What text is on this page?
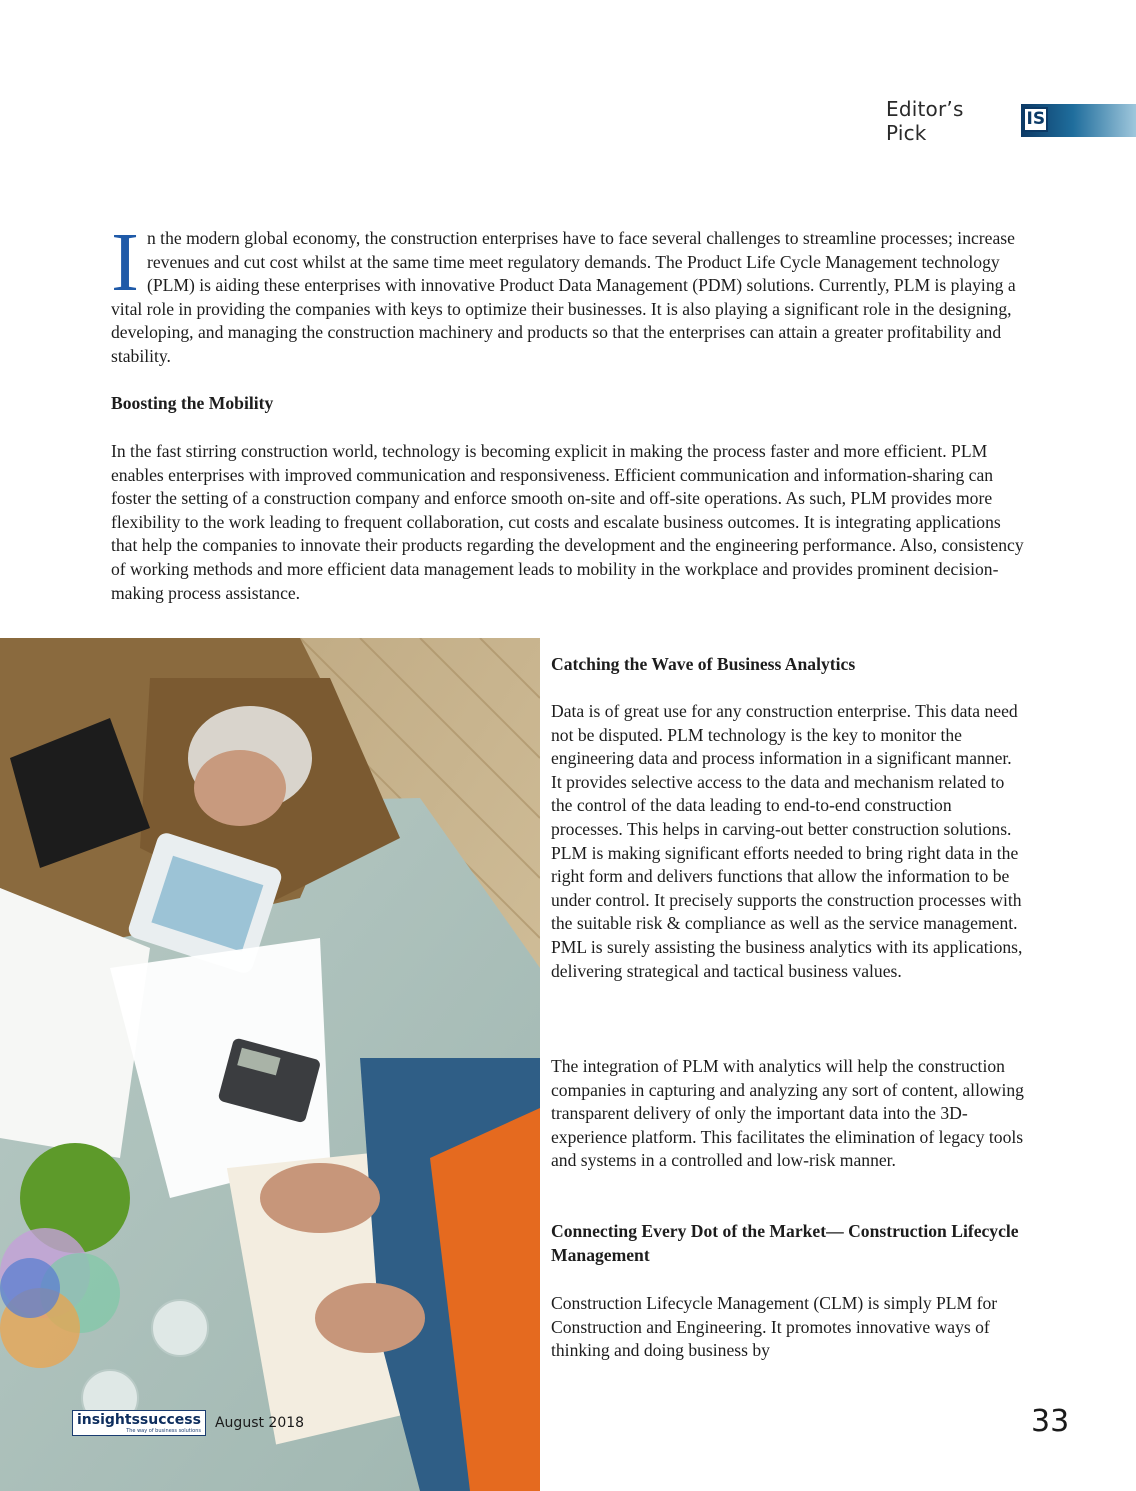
Editor’s Pick
IS
I n the modern global economy, the construction enterprises have to face several challenges to streamline processes; increase revenues and cut cost whilst at the same time meet regulatory demands. The Product Life Cycle Management technology (PLM) is aiding these enterprises with innovative Product Data Management (PDM) solutions. Currently, PLM is playing a vital role in providing the companies with keys to optimize their businesses. It is also playing a significant role in the designing, developing, and managing the construction machinery and products so that the enterprises can attain a greater profitability and stability.
Boosting the Mobility
In the fast stirring construction world, technology is becoming explicit in making the process faster and more efficient. PLM enables enterprises with improved communication and responsiveness. Efficient communication and information-sharing can foster the setting of a construction company and enforce smooth on-site and off-site operations. As such, PLM provides more flexibility to the work leading to frequent collaboration, cut costs and escalate business outcomes. It is integrating applications that help the companies to innovate their products regarding the development and the engineering performance. Also, consistency of working methods and more efficient data management leads to mobility in the workplace and provides prominent decision-making process assistance.
Catching the Wave of Business Analytics
Data is of great use for any construction enterprise. This data need not be disputed. PLM technology is the key to monitor the engineering data and process information in a significant manner. It provides selective access to the data and mechanism related to the control of the data leading to end-to-end construction processes. This helps in carving-out better construction solutions. PLM is making significant efforts needed to bring right data in the right form and delivers functions that allow the information to be under control. It precisely supports the construction processes with the suitable risk & compliance as well as the service management. PML is surely assisting the business analytics with its applications, delivering strategical and tactical business values.
The integration of PLM with analytics will help the construction companies in capturing and analyzing any sort of content, allowing transparent delivery of only the important data into the 3D-experience platform. This facilitates the elimination of legacy tools and systems in a controlled and low-risk manner.
Connecting Every Dot of the Market— Construction Lifecycle Management
Construction Lifecycle Management (CLM) is simply PLM for Construction and Engineering. It promotes innovative ways of thinking and doing business by
insightssuccess
The way of business solutions August 2018	33
